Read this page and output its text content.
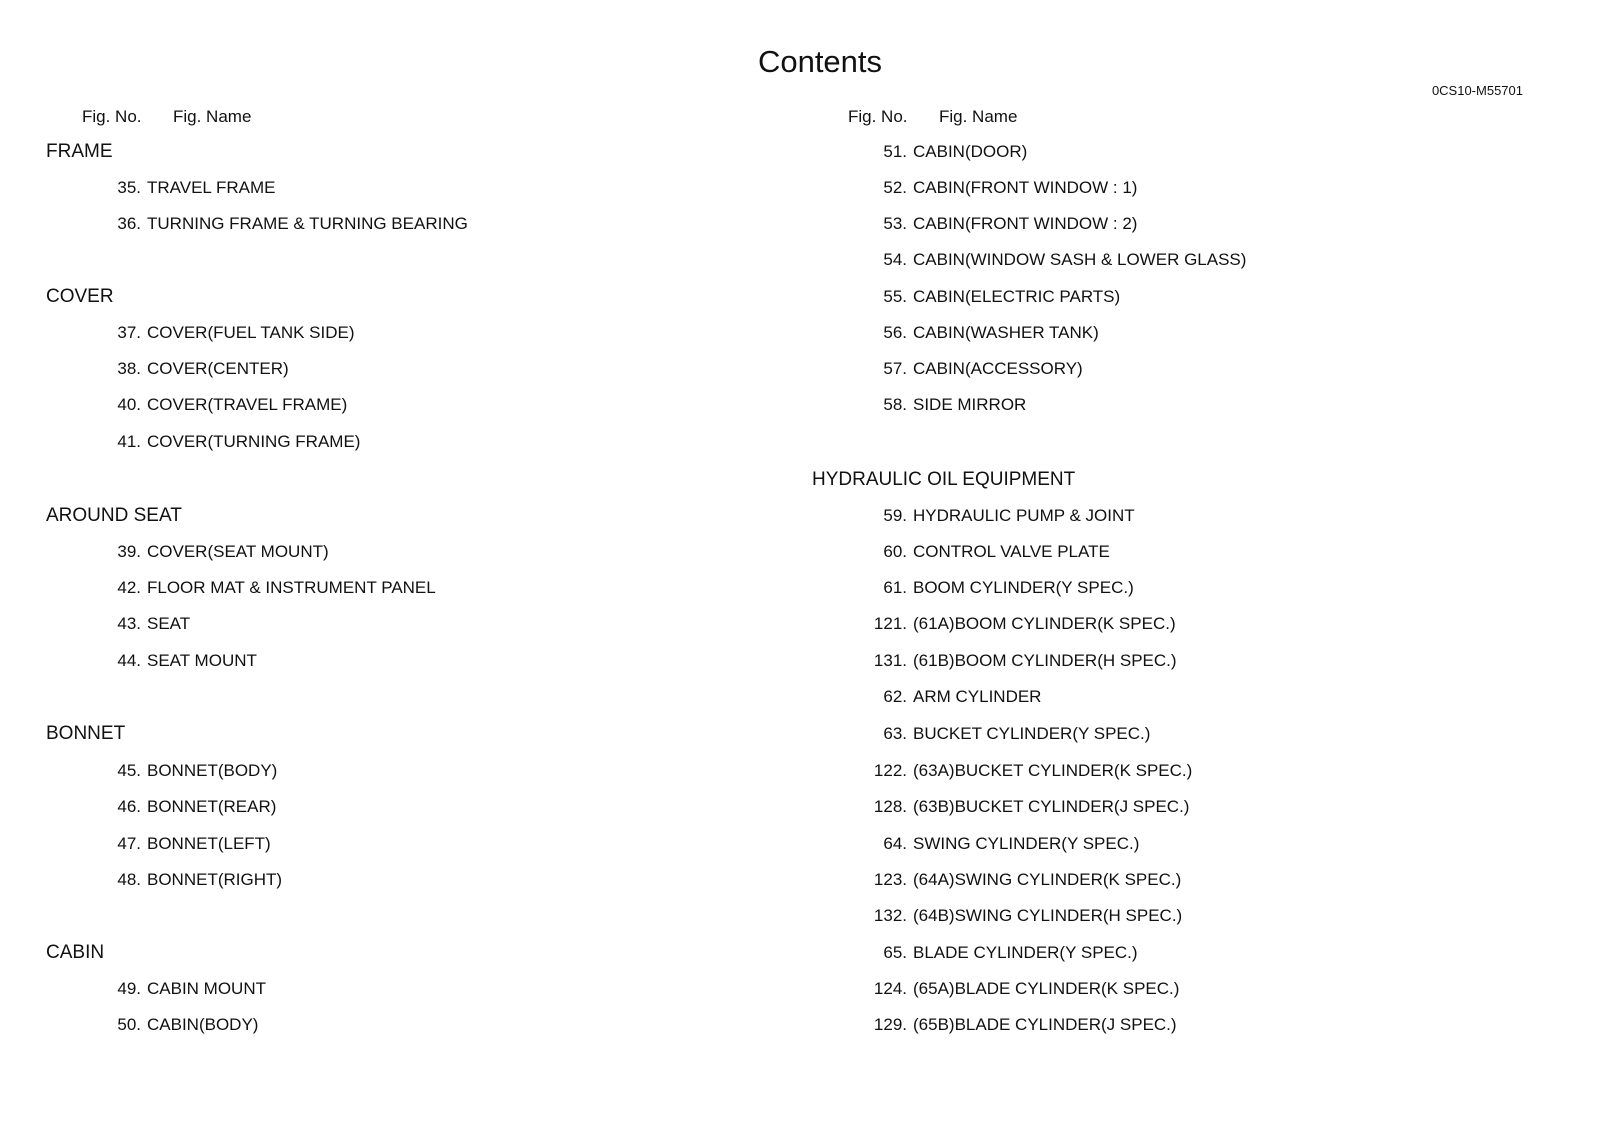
Contents
0CS10-M55701
Fig. No. Fig. Name	Fig. No. Fig. Name
FRAME
35. TRAVEL FRAME
36. TURNING FRAME & TURNING BEARING
COVER
37. COVER(FUEL TANK SIDE)
38. COVER(CENTER)
40. COVER(TRAVEL FRAME)
41. COVER(TURNING FRAME)
AROUND SEAT
39. COVER(SEAT MOUNT)
42. FLOOR MAT & INSTRUMENT PANEL
43. SEAT
44. SEAT MOUNT
BONNET
45. BONNET(BODY)
46. BONNET(REAR)
47. BONNET(LEFT)
48. BONNET(RIGHT)
CABIN
49. CABIN MOUNT
50. CABIN(BODY)
51. CABIN(DOOR)
52. CABIN(FRONT WINDOW : 1)
53. CABIN(FRONT WINDOW : 2)
54. CABIN(WINDOW SASH & LOWER GLASS)
55. CABIN(ELECTRIC PARTS)
56. CABIN(WASHER TANK)
57. CABIN(ACCESSORY)
58. SIDE MIRROR
HYDRAULIC OIL EQUIPMENT
59. HYDRAULIC PUMP & JOINT
60. CONTROL VALVE PLATE
61. BOOM CYLINDER(Y SPEC.)
121. (61A)BOOM CYLINDER(K SPEC.)
131. (61B)BOOM CYLINDER(H SPEC.)
62. ARM CYLINDER
63. BUCKET CYLINDER(Y SPEC.)
122. (63A)BUCKET CYLINDER(K SPEC.)
128. (63B)BUCKET CYLINDER(J SPEC.)
64. SWING CYLINDER(Y SPEC.)
123. (64A)SWING CYLINDER(K SPEC.)
132. (64B)SWING CYLINDER(H SPEC.)
65. BLADE CYLINDER(Y SPEC.)
124. (65A)BLADE CYLINDER(K SPEC.)
129. (65B)BLADE CYLINDER(J SPEC.)
